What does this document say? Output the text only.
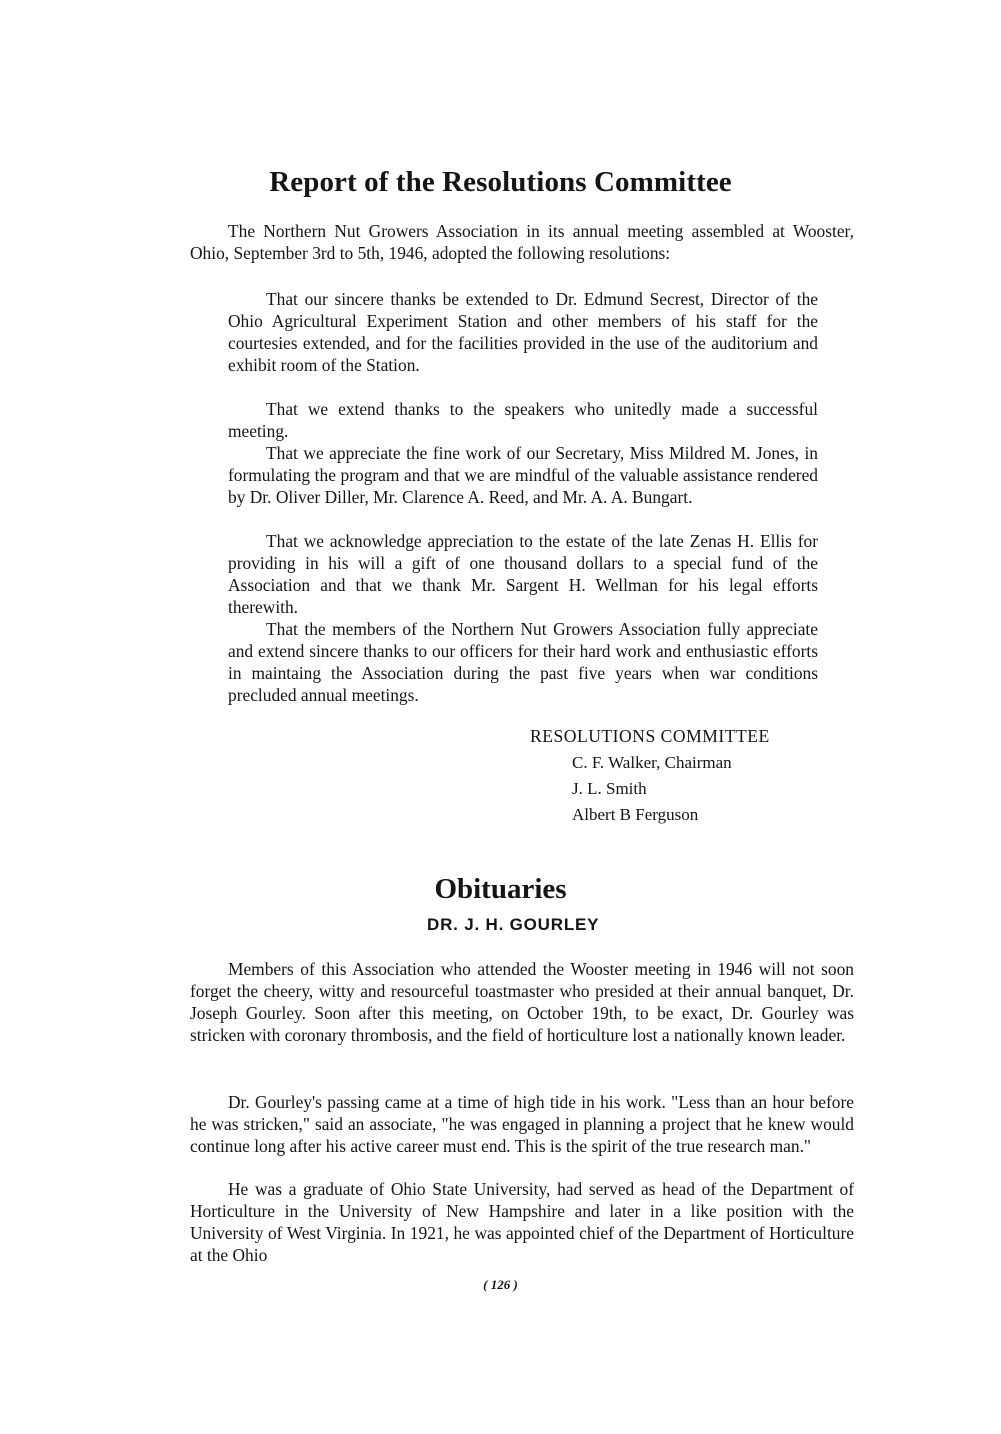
Report of the Resolutions Committee

The Northern Nut Growers Association in its annual meeting assembled at Wooster, Ohio, September 3rd to 5th, 1946, adopted the following resolutions:

That our sincere thanks be extended to Dr. Edmund Secrest, Director of the Ohio Agricultural Experiment Station and other members of his staff for the courtesies extended, and for the facilities provided in the use of the auditorium and exhibit room of the Station.

That we extend thanks to the speakers who unitedly made a successful meeting.

That we appreciate the fine work of our Secretary, Miss Mildred M. Jones, in formulating the program and that we are mindful of the valuable assistance rendered by Dr. Oliver Diller, Mr. Clarence A. Reed, and Mr. A. A. Bungart.

That we acknowledge appreciation to the estate of the late Zenas H. Ellis for providing in his will a gift of one thousand dollars to a special fund of the Association and that we thank Mr. Sargent H. Wellman for his legal efforts therewith.

That the members of the Northern Nut Growers Association fully appreciate and extend sincere thanks to our officers for their hard work and enthusiastic efforts in maintaing the Association during the past five years when war conditions precluded annual meetings.

RESOLUTIONS COMMITTEE

C. F. Walker, Chairman

J. L. Smith

Albert B Ferguson

Obituaries

DR. J. H. GOURLEY

Members of this Association who attended the Wooster meeting in 1946 will not soon forget the cheery, witty and resourceful toastmaster who presided at their annual banquet, Dr. Joseph Gourley. Soon after this meeting, on October 19th, to be exact, Dr. Gourley was stricken with coronary thrombosis, and the field of horticulture lost a nationally known leader.

Dr. Gourley's passing came at a time of high tide in his work. "Less than an hour before he was stricken," said an associate, "he was engaged in planning a project that he knew would continue long after his active career must end. This is the spirit of the true research man."

He was a graduate of Ohio State University, had served as head of the Department of Horticulture in the University of New Hampshire and later in a like position with the University of West Virginia. In 1921, he was appointed chief of the Department of Horticulture at the Ohio

( 126 )
